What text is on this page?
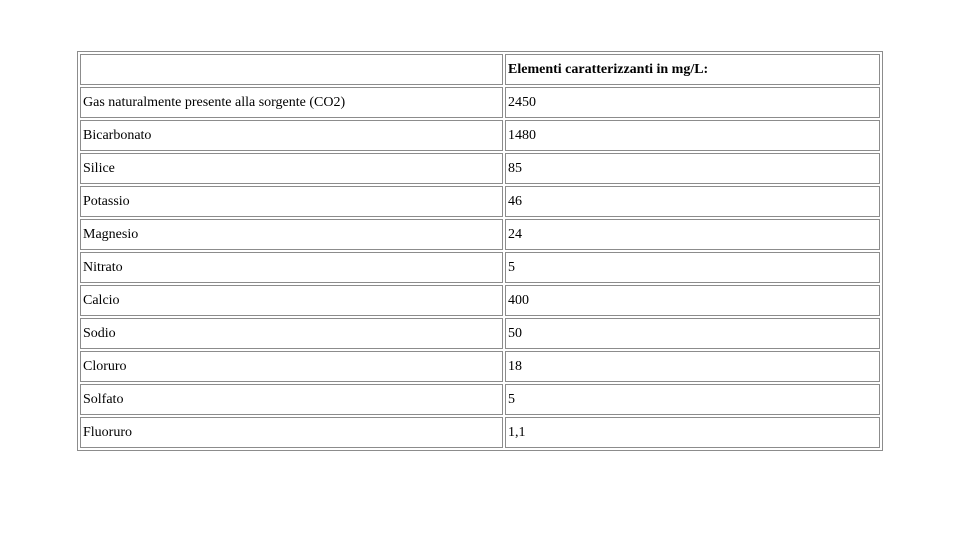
	Elementi caratterizzanti in mg/L:
Gas naturalmente presente alla sorgente (CO2)	2450
Bicarbonato	1480
Silice	85
Potassio	46
Magnesio	24
Nitrato	5
Calcio	400
Sodio	50
Cloruro	18
Solfato	5
Fluoruro	1,1
